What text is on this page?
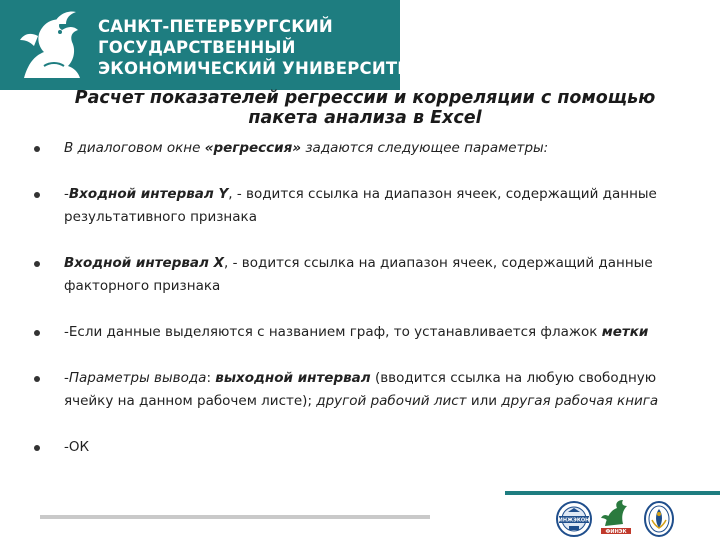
САНКТ-ПЕТЕРБУРГСКИЙ
ГОСУДАРСТВЕННЫЙ
ЭКОНОМИЧЕСКИЙ УНИВЕРСИТЕТ
Расчет показателей регрессии и корреляции с помощью
пакета анализа в Excel
В диалоговом окне «регрессия» задаются следующее параметры:
-Входной интервал Y, - водится ссылка на диапазон ячеек, содержащий данные результативного признака
Входной интервал X, - водится ссылка на диапазон ячеек, содержащий данные факторного признака
-Если данные выделяются с названием граф, то устанавливается флажок метки
-Параметры вывода: выходной интервал (вводится ссылка на любую свободную ячейку на данном рабочем листе); другой рабочий лист или другая рабочая книга
-ОК
ИНЖЭКОН
ФИНЭК
